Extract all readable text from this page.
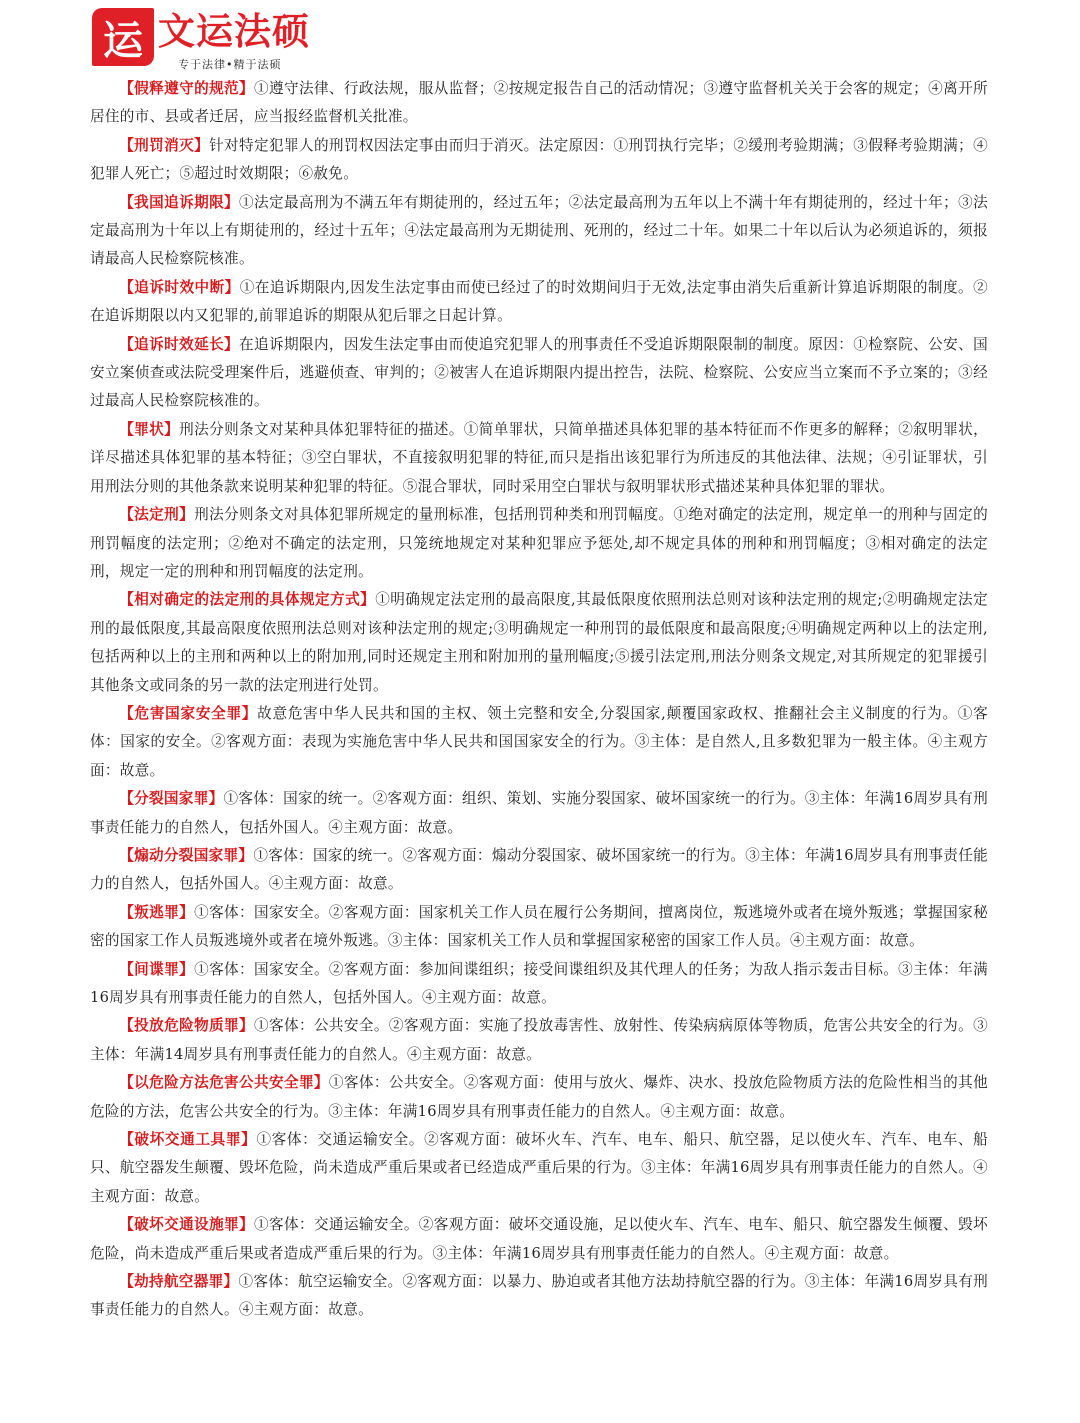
运 文运法硕
专于法律•精于法硕

【假释遵守的规范】①遵守法律、行政法规，服从监督；②按规定报告自己的活动情况；③遵守监督机关关于会客的规定；④离开所居住的市、县或者迁居，应当报经监督机关批准。

【刑罚消灭】针对特定犯罪人的刑罚权因法定事由而归于消灭。法定原因：①刑罚执行完毕；②缓刑考验期满；③假释考验期满；④犯罪人死亡；⑤超过时效期限；⑥赦免。

【我国追诉期限】①法定最高刑为不满五年有期徒刑的，经过五年；②法定最高刑为五年以上不满十年有期徒刑的，经过十年；③法定最高刑为十年以上有期徒刑的，经过十五年；④法定最高刑为无期徒刑、死刑的，经过二十年。如果二十年以后认为必须追诉的，须报请最高人民检察院核准。

【追诉时效中断】①在追诉期限内,因发生法定事由而使已经过了的时效期间归于无效,法定事由消失后重新计算追诉期限的制度。②在追诉期限以内又犯罪的,前罪追诉的期限从犯后罪之日起计算。

【追诉时效延长】在追诉期限内，因发生法定事由而使追究犯罪人的刑事责任不受追诉期限限制的制度。原因：①检察院、公安、国安立案侦查或法院受理案件后，逃避侦查、审判的；②被害人在追诉期限内提出控告，法院、检察院、公安应当立案而不予立案的；③经过最高人民检察院核准的。

【罪状】刑法分则条文对某种具体犯罪特征的描述。①简单罪状，只简单描述具体犯罪的基本特征而不作更多的解释；②叙明罪状，详尽描述具体犯罪的基本特征；③空白罪状，不直接叙明犯罪的特征,而只是指出该犯罪行为所违反的其他法律、法规；④引证罪状，引用刑法分则的其他条款来说明某种犯罪的特征。⑤混合罪状，同时采用空白罪状与叙明罪状形式描述某种具体犯罪的罪状。

【法定刑】刑法分则条文对具体犯罪所规定的量刑标准，包括刑罚种类和刑罚幅度。①绝对确定的法定刑，规定单一的刑种与固定的刑罚幅度的法定刑；②绝对不确定的法定刑，只笼统地规定对某种犯罪应予惩处,却不规定具体的刑种和刑罚幅度；③相对确定的法定刑，规定一定的刑种和刑罚幅度的法定刑。

【相对确定的法定刑的具体规定方式】①明确规定法定刑的最高限度,其最低限度依照刑法总则对该种法定刑的规定;②明确规定法定刑的最低限度,其最高限度依照刑法总则对该种法定刑的规定;③明确规定一种刑罚的最低限度和最高限度;④明确规定两种以上的法定刑,包括两种以上的主刑和两种以上的附加刑,同时还规定主刑和附加刑的量刑幅度;⑤援引法定刑,刑法分则条文规定,对其所规定的犯罪援引其他条文或同条的另一款的法定刑进行处罚。

【危害国家安全罪】故意危害中华人民共和国的主权、领土完整和安全,分裂国家,颠覆国家政权、推翻社会主义制度的行为。①客体：国家的安全。②客观方面：表现为实施危害中华人民共和国国家安全的行为。③主体：是自然人,且多数犯罪为一般主体。④主观方面：故意。

【分裂国家罪】①客体：国家的统一。②客观方面：组织、策划、实施分裂国家、破坏国家统一的行为。③主体：年满16周岁具有刑事责任能力的自然人，包括外国人。④主观方面：故意。

【煽动分裂国家罪】①客体：国家的统一。②客观方面：煽动分裂国家、破坏国家统一的行为。③主体：年满16周岁具有刑事责任能力的自然人，包括外国人。④主观方面：故意。

【叛逃罪】①客体：国家安全。②客观方面：国家机关工作人员在履行公务期间，擅离岗位，叛逃境外或者在境外叛逃；掌握国家秘密的国家工作人员叛逃境外或者在境外叛逃。③主体：国家机关工作人员和掌握国家秘密的国家工作人员。④主观方面：故意。

【间谍罪】①客体：国家安全。②客观方面：参加间谍组织；接受间谍组织及其代理人的任务；为敌人指示轰击目标。③主体：年满16周岁具有刑事责任能力的自然人，包括外国人。④主观方面：故意。

【投放危险物质罪】①客体：公共安全。②客观方面：实施了投放毒害性、放射性、传染病病原体等物质，危害公共安全的行为。③主体：年满14周岁具有刑事责任能力的自然人。④主观方面：故意。

【以危险方法危害公共安全罪】①客体：公共安全。②客观方面：使用与放火、爆炸、决水、投放危险物质方法的危险性相当的其他危险的方法，危害公共安全的行为。③主体：年满16周岁具有刑事责任能力的自然人。④主观方面：故意。

【破坏交通工具罪】①客体：交通运输安全。②客观方面：破坏火车、汽车、电车、船只、航空器，足以使火车、汽车、电车、船只、航空器发生颠覆、毁坏危险，尚未造成严重后果或者已经造成严重后果的行为。③主体：年满16周岁具有刑事责任能力的自然人。④主观方面：故意。

【破坏交通设施罪】①客体：交通运输安全。②客观方面：破坏交通设施，足以使火车、汽车、电车、船只、航空器发生倾覆、毁坏危险，尚未造成严重后果或者造成严重后果的行为。③主体：年满16周岁具有刑事责任能力的自然人。④主观方面：故意。

【劫持航空器罪】①客体：航空运输安全。②客观方面：以暴力、胁迫或者其他方法劫持航空器的行为。③主体：年满16周岁具有刑事责任能力的自然人。④主观方面：故意。
